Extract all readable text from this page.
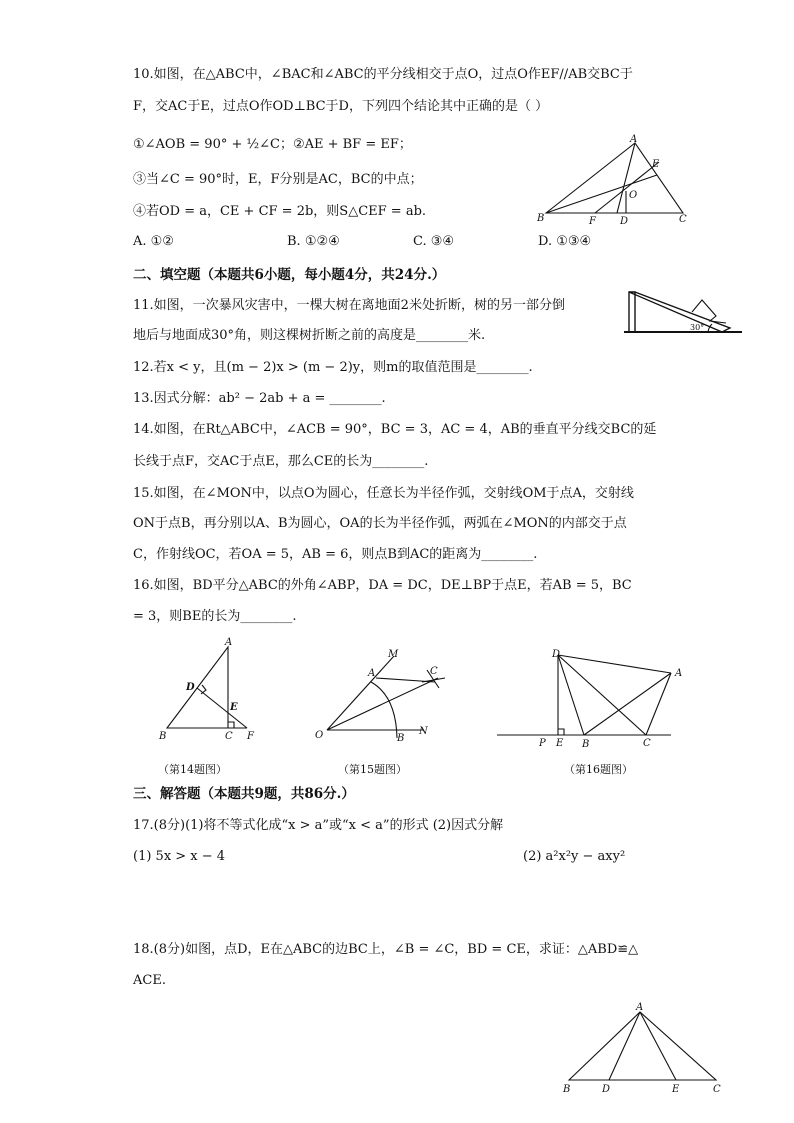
10.如图，在△ABC中，∠BAC和∠ABC的平分线相交于点O，过点O作EF//AB交BC于
F，交AC于E，过点O作OD⊥BC于D，下列四个结论其中正确的是（ ）
①∠AOB = 90° + ½∠C；②AE + BF = EF；
③当∠C = 90°时，E，F分别是AC，BC的中点；
④若OD = a，CE + CF = 2b，则S△CEF = ab.
A. ①②	B. ①②④	C. ③④	D. ①③④
A
E
O
B	F D	C
二、填空题（本题共6小题，每小题4分，共24分.）
11.如图，一次暴风灾害中，一棵大树在离地面2米处折断，树的另一部分倒
地后与地面成30°角，则这棵树折断之前的高度是________米.
30°
12.若x < y，且(m − 2)x > (m − 2)y，则m的取值范围是________.
13.因式分解：ab² − 2ab + a = ________.
14.如图，在Rt△ABC中，∠ACB = 90°，BC = 3，AC = 4，AB的垂直平分线交BC的延
长线于点F，交AC于点E，那么CE的长为________.
15.如图，在∠MON中，以点O为圆心，任意长为半径作弧，交射线OM于点A，交射线
ON于点B，再分别以A、B为圆心，OA的长为半径作弧，两弧在∠MON的内部交于点
C，作射线OC，若OA = 5，AB = 6，则点B到AC的距离为________.
16.如图，BD平分△ABC的外角∠ABP，DA = DC，DE⊥BP于点E，若AB = 5，BC
= 3，则BE的长为________.
A
D
E
B	C F
（第14题图）
M
A	C
O	B
N
（第15题图）
D
A
P E B	C
（第16题图）
三、解答题（本题共9题，共86分.）
17.(8分)(1)将不等式化成“x > a”或“x < a”的形式 (2)因式分解
(1) 5x > x − 4	(2) a²x²y − axy²
18.(8分)如图，点D，E在△ABC的边BC上，∠B = ∠C，BD = CE，求证：△ABD≌△
ACE.
A
B	D	E	C
